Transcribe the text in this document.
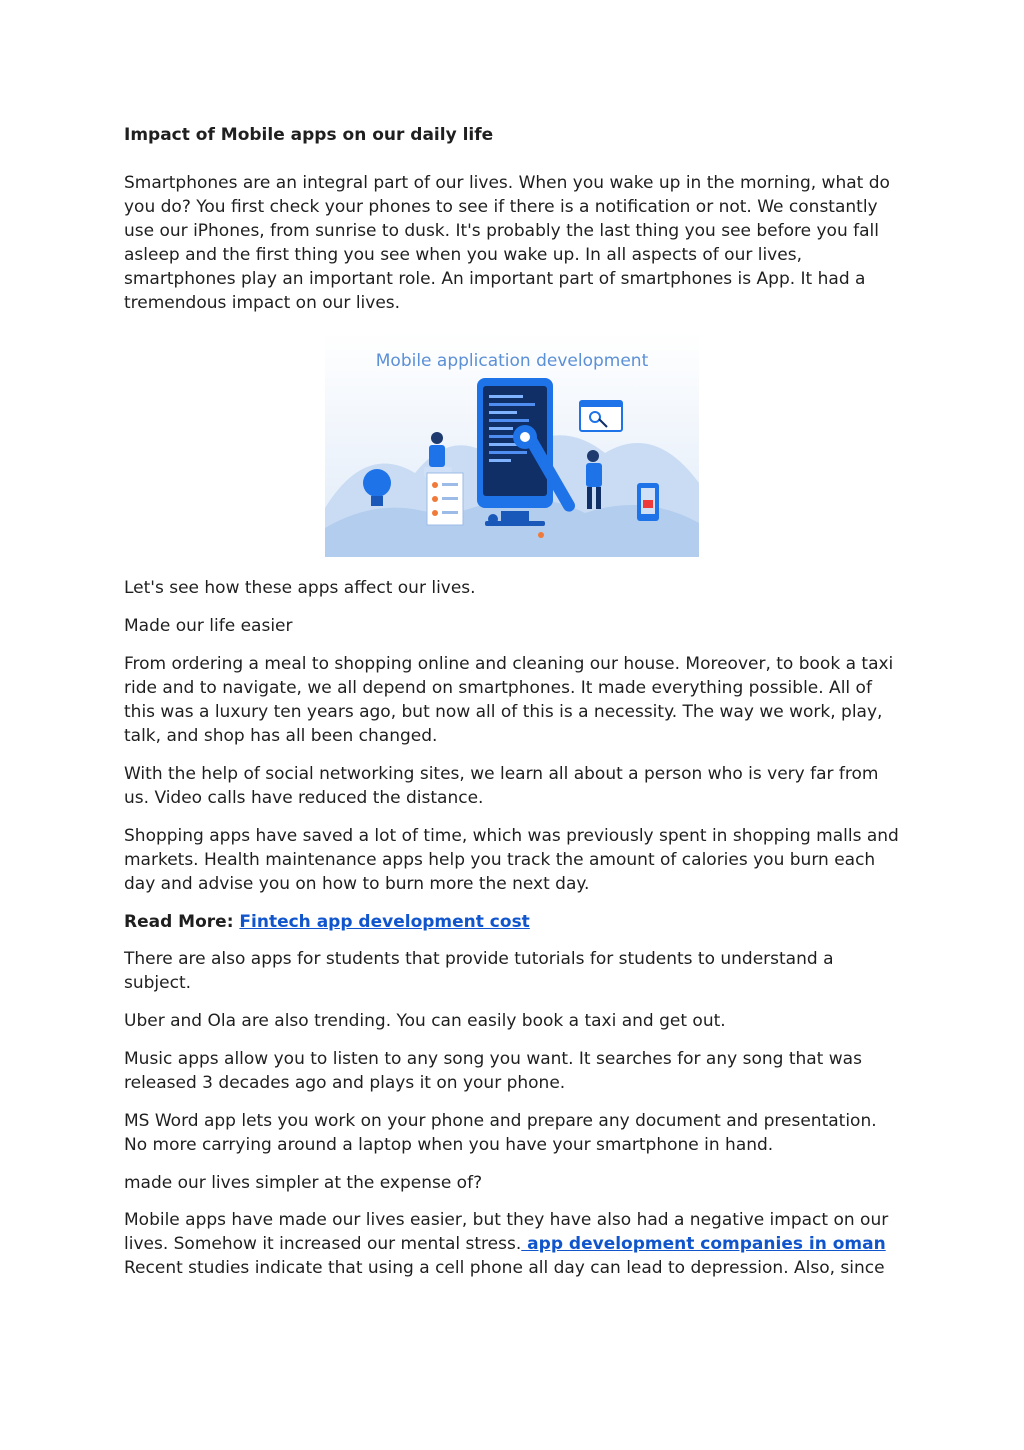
Impact of Mobile apps on our daily life

Smartphones are an integral part of our lives. When you wake up in the morning, what do you do? You first check your phones to see if there is a notification or not. We constantly use our iPhones, from sunrise to dusk. It's probably the last thing you see before you fall asleep and the first thing you see when you wake up. In all aspects of our lives, smartphones play an important role. An important part of smartphones is App. It had a tremendous impact on our lives.

Mobile application development

Let's see how these apps affect our lives.

Made our life easier

From ordering a meal to shopping online and cleaning our house. Moreover, to book a taxi ride and to navigate, we all depend on smartphones. It made everything possible. All of this was a luxury ten years ago, but now all of this is a necessity. The way we work, play, talk, and shop has all been changed.

With the help of social networking sites, we learn all about a person who is very far from us. Video calls have reduced the distance.

Shopping apps have saved a lot of time, which was previously spent in shopping malls and markets. Health maintenance apps help you track the amount of calories you burn each day and advise you on how to burn more the next day.

Read More: Fintech app development cost

There are also apps for students that provide tutorials for students to understand a subject.

Uber and Ola are also trending. You can easily book a taxi and get out.

Music apps allow you to listen to any song you want. It searches for any song that was released 3 decades ago and plays it on your phone.

MS Word app lets you work on your phone and prepare any document and presentation. No more carrying around a laptop when you have your smartphone in hand.

made our lives simpler at the expense of?

Mobile apps have made our lives easier, but they have also had a negative impact on our lives. Somehow it increased our mental stress. app development companies in oman Recent studies indicate that using a cell phone all day can lead to depression. Also, since
